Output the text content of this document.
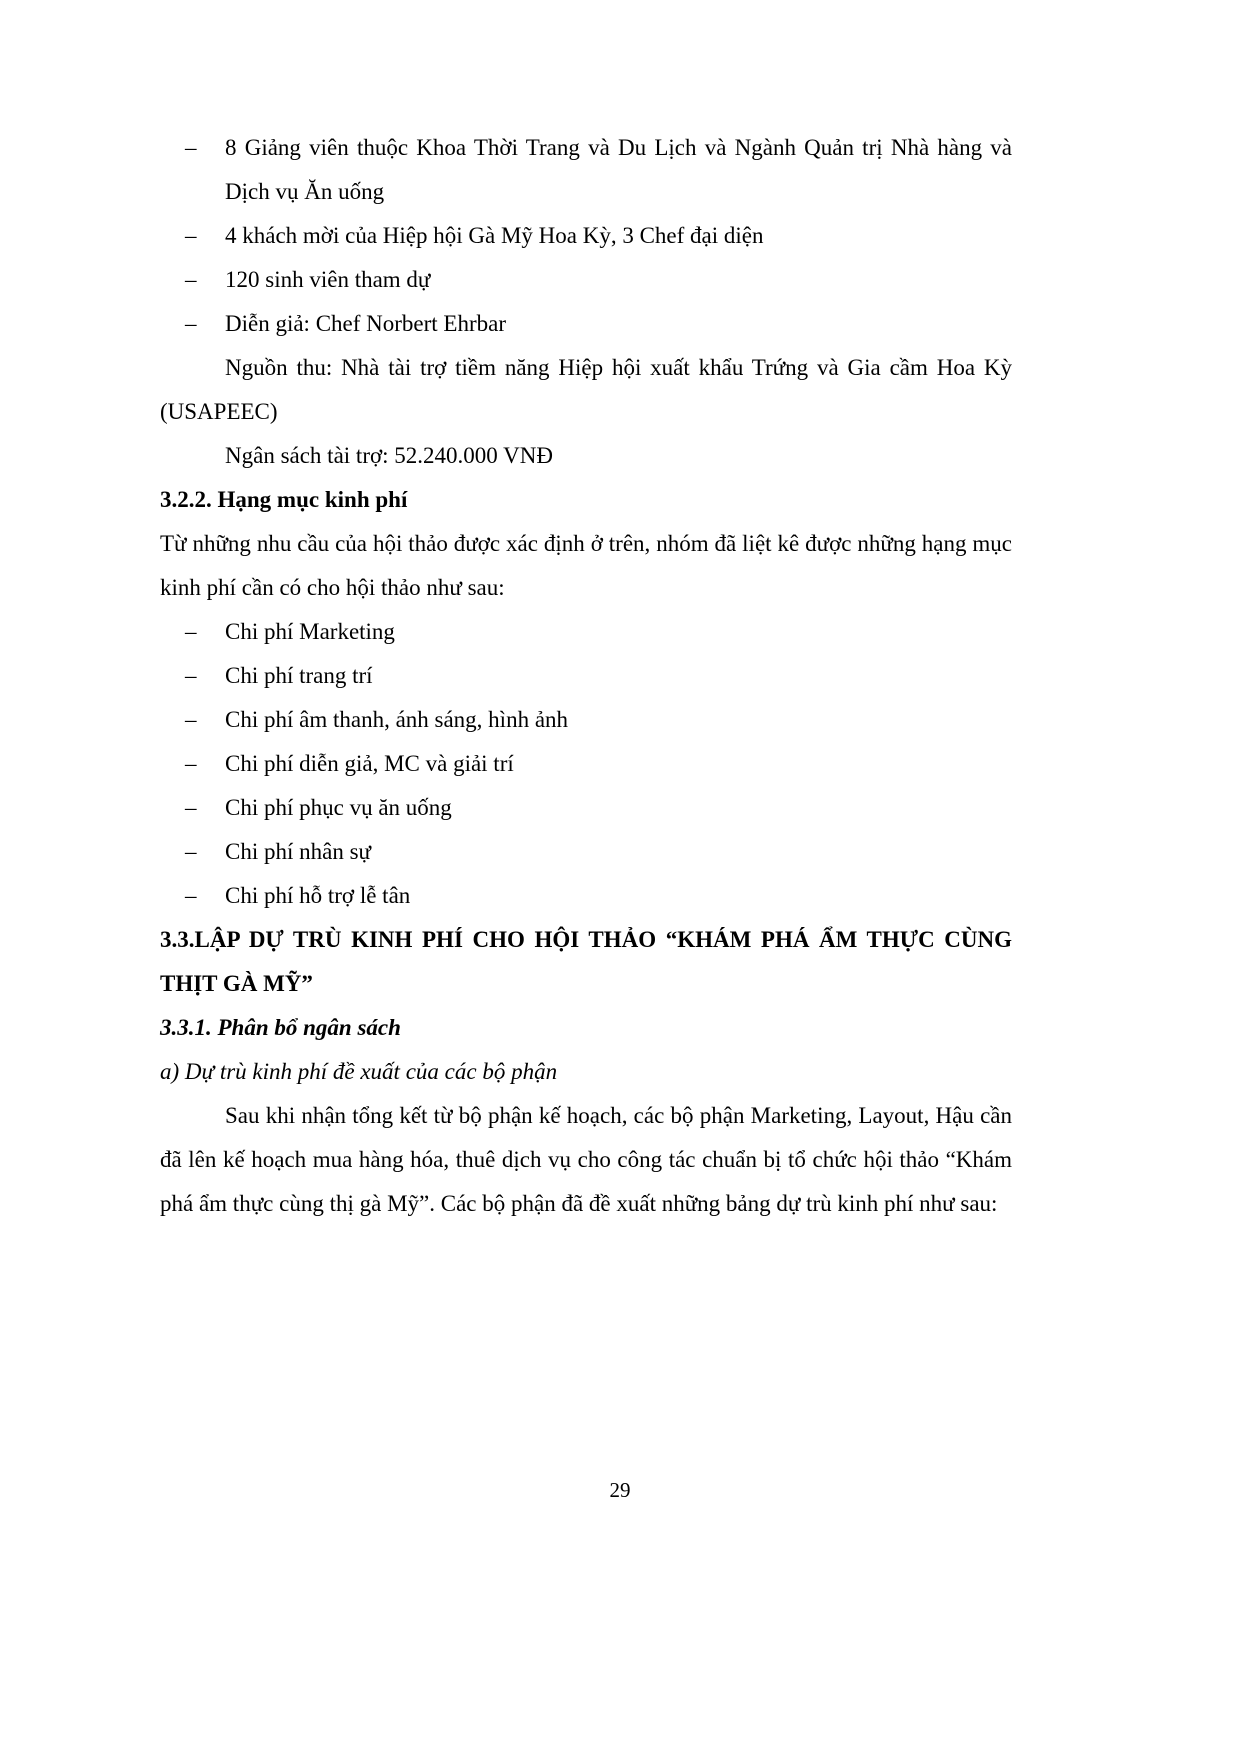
– 8 Giảng viên thuộc Khoa Thời Trang và Du Lịch và Ngành Quản trị Nhà hàng và Dịch vụ Ăn uống
– 4 khách mời của Hiệp hội Gà Mỹ Hoa Kỳ, 3 Chef đại diện
– 120 sinh viên tham dự
– Diễn giả: Chef Norbert Ehrbar

Nguồn thu: Nhà tài trợ tiềm năng Hiệp hội xuất khẩu Trứng và Gia cầm Hoa Kỳ (USAPEEC)

Ngân sách tài trợ: 52.240.000 VNĐ

3.2.2. Hạng mục kinh phí

Từ những nhu cầu của hội thảo được xác định ở trên, nhóm đã liệt kê được những hạng mục kinh phí cần có cho hội thảo như sau:

– Chi phí Marketing
– Chi phí trang trí
– Chi phí âm thanh, ánh sáng, hình ảnh
– Chi phí diễn giả, MC và giải trí
– Chi phí phục vụ ăn uống
– Chi phí nhân sự
– Chi phí hỗ trợ lễ tân

3.3.LẬP DỰ TRÙ KINH PHÍ CHO HỘI THẢO “KHÁM PHÁ ẨM THỰC CÙNG THỊT GÀ MỸ”

3.3.1. Phân bổ ngân sách

a) Dự trù kinh phí đề xuất của các bộ phận

Sau khi nhận tổng kết từ bộ phận kế hoạch, các bộ phận Marketing, Layout, Hậu cần đã lên kế hoạch mua hàng hóa, thuê dịch vụ cho công tác chuẩn bị tổ chức hội thảo “Khám phá ẩm thực cùng thị gà Mỹ”. Các bộ phận đã đề xuất những bảng dự trù kinh phí như sau:

29
